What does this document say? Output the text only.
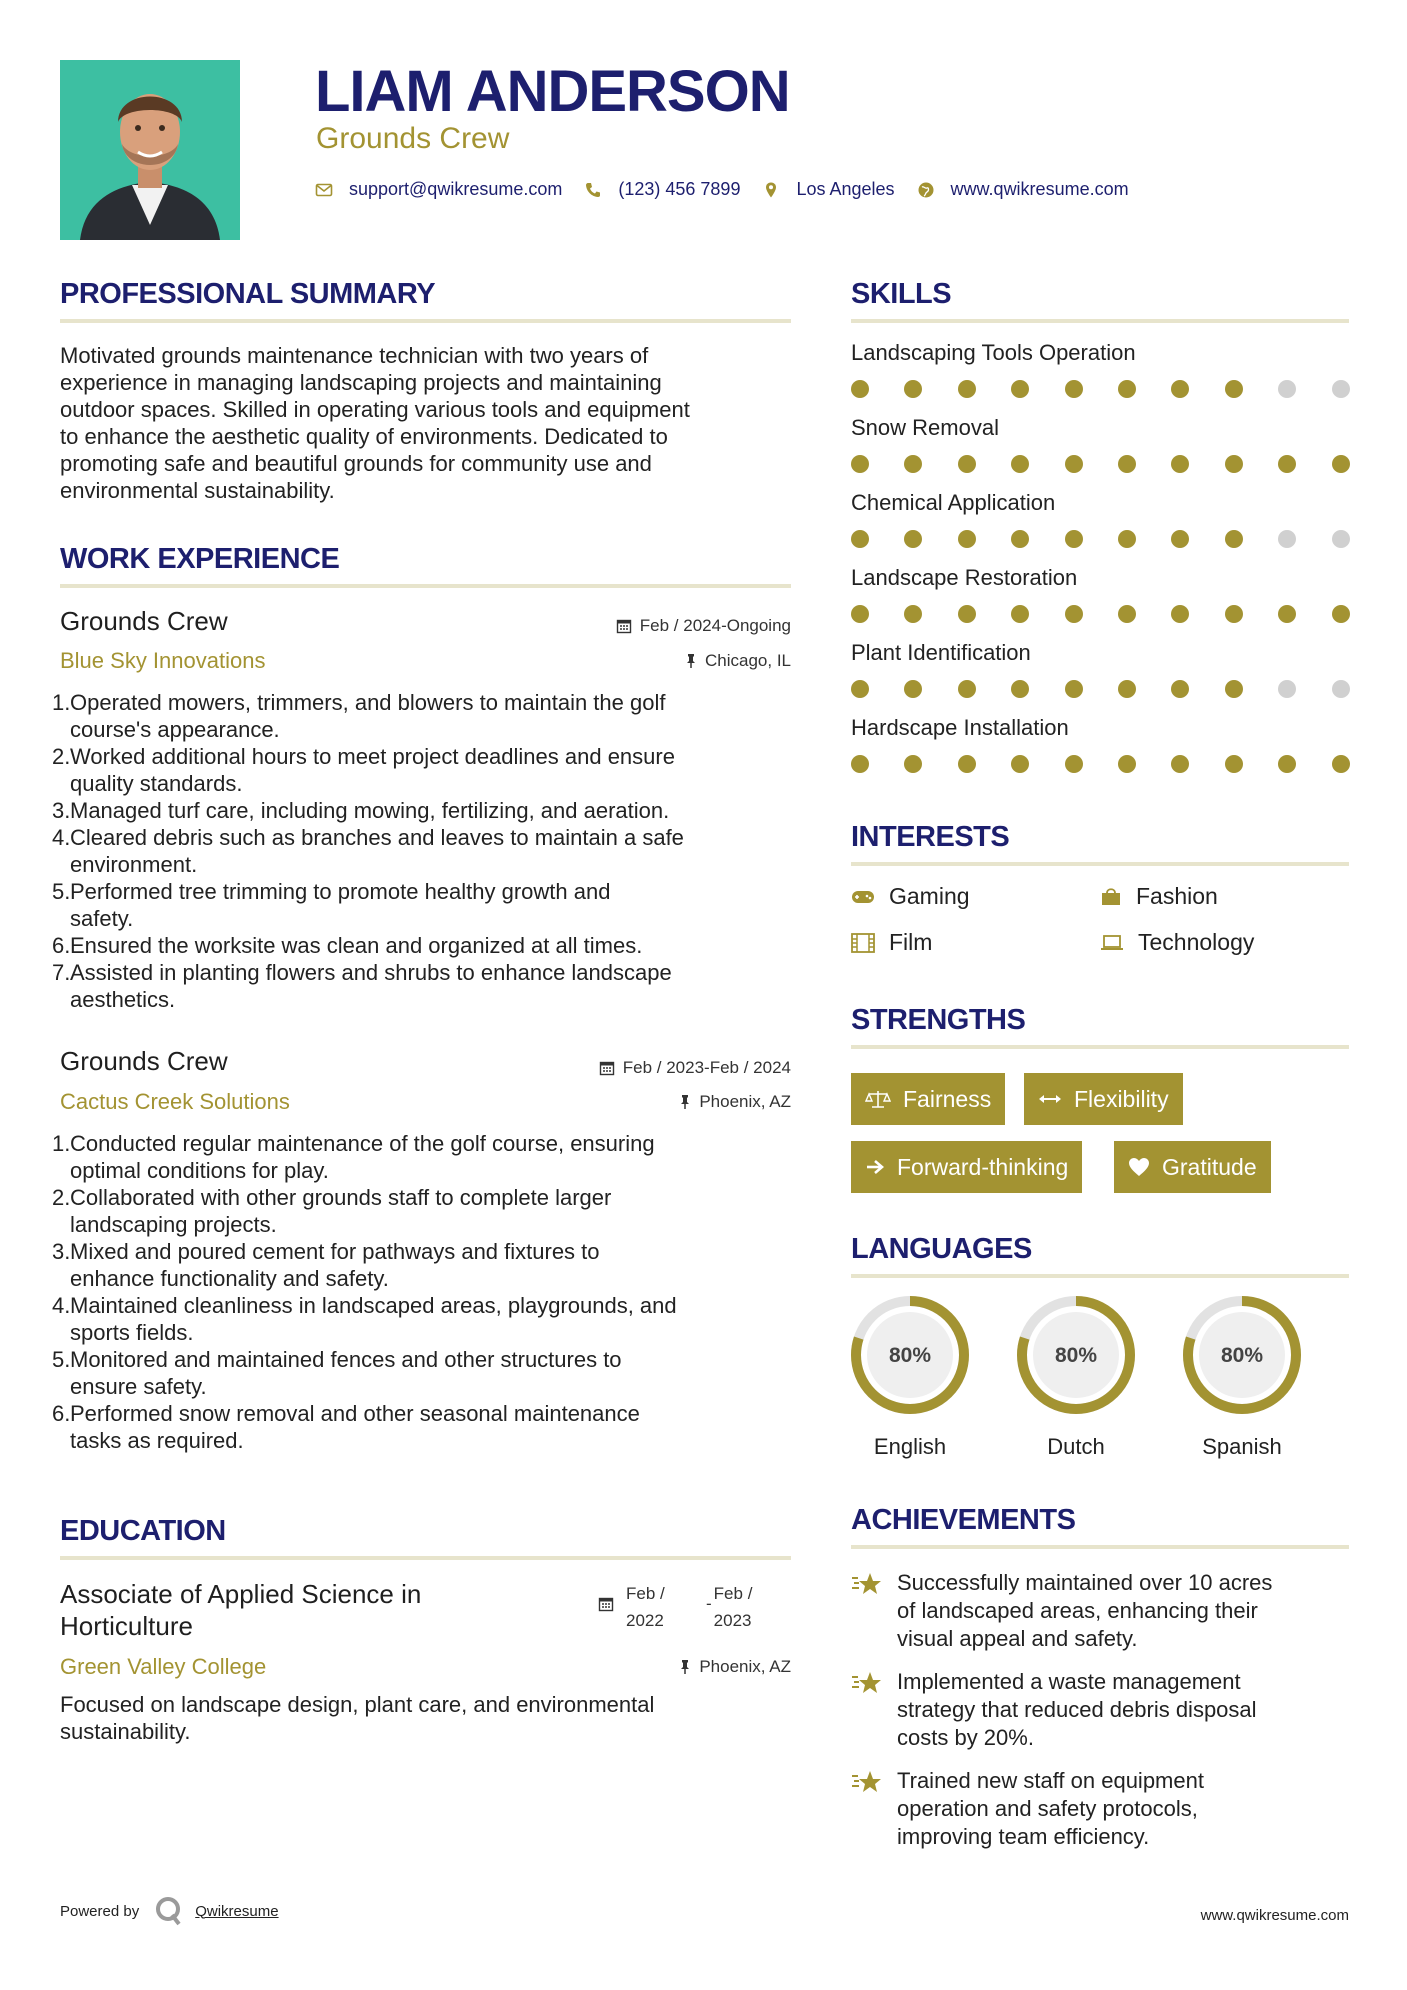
LIAM ANDERSON
Grounds Crew
support@qwikresume.com	(123) 456 7899	Los Angeles	www.qwikresume.com
PROFESSIONAL SUMMARY
Motivated grounds maintenance technician with two years of
experience in managing landscaping projects and maintaining
outdoor spaces. Skilled in operating various tools and equipment
to enhance the aesthetic quality of environments. Dedicated to
promoting safe and beautiful grounds for community use and
environmental sustainability.
WORK EXPERIENCE
Grounds Crew	Feb / 2024-Ongoing
Blue Sky Innovations	Chicago, IL
1. Operated mowers, trimmers, and blowers to maintain the golf
course's appearance.
2. Worked additional hours to meet project deadlines and ensure
quality standards.
3. Managed turf care, including mowing, fertilizing, and aeration.
4. Cleared debris such as branches and leaves to maintain a safe
environment.
5. Performed tree trimming to promote healthy growth and
safety.
6. Ensured the worksite was clean and organized at all times.
7. Assisted in planting flowers and shrubs to enhance landscape
aesthetics.
Grounds Crew	Feb / 2023-Feb / 2024
Cactus Creek Solutions	Phoenix, AZ
1. Conducted regular maintenance of the golf course, ensuring
optimal conditions for play.
2. Collaborated with other grounds staff to complete larger
landscaping projects.
3. Mixed and poured cement for pathways and fixtures to
enhance functionality and safety.
4. Maintained cleanliness in landscaped areas, playgrounds, and
sports fields.
5. Monitored and maintained fences and other structures to
ensure safety.
6. Performed snow removal and other seasonal maintenance
tasks as required.
EDUCATION
Associate of Applied Science in
Horticulture
Feb /
2022
-
Feb /
2023
Green Valley College	Phoenix, AZ
Focused on landscape design, plant care, and environmental
sustainability.
SKILLS
Landscaping Tools Operation
Snow Removal
Chemical Application
Landscape Restoration
Plant Identification
Hardscape Installation
INTERESTS
Gaming	Fashion
Film	Technology
STRENGTHS
Fairness	Flexibility
Forward-thinking	Gratitude
LANGUAGES
80%
English
80%
Dutch
80%
Spanish
ACHIEVEMENTS
Successfully maintained over 10 acres
of landscaped areas, enhancing their
visual appeal and safety.
Implemented a waste management
strategy that reduced debris disposal
costs by 20%.
Trained new staff on equipment
operation and safety protocols,
improving team efficiency.
Powered by	Qwikresume	www.qwikresume.com
